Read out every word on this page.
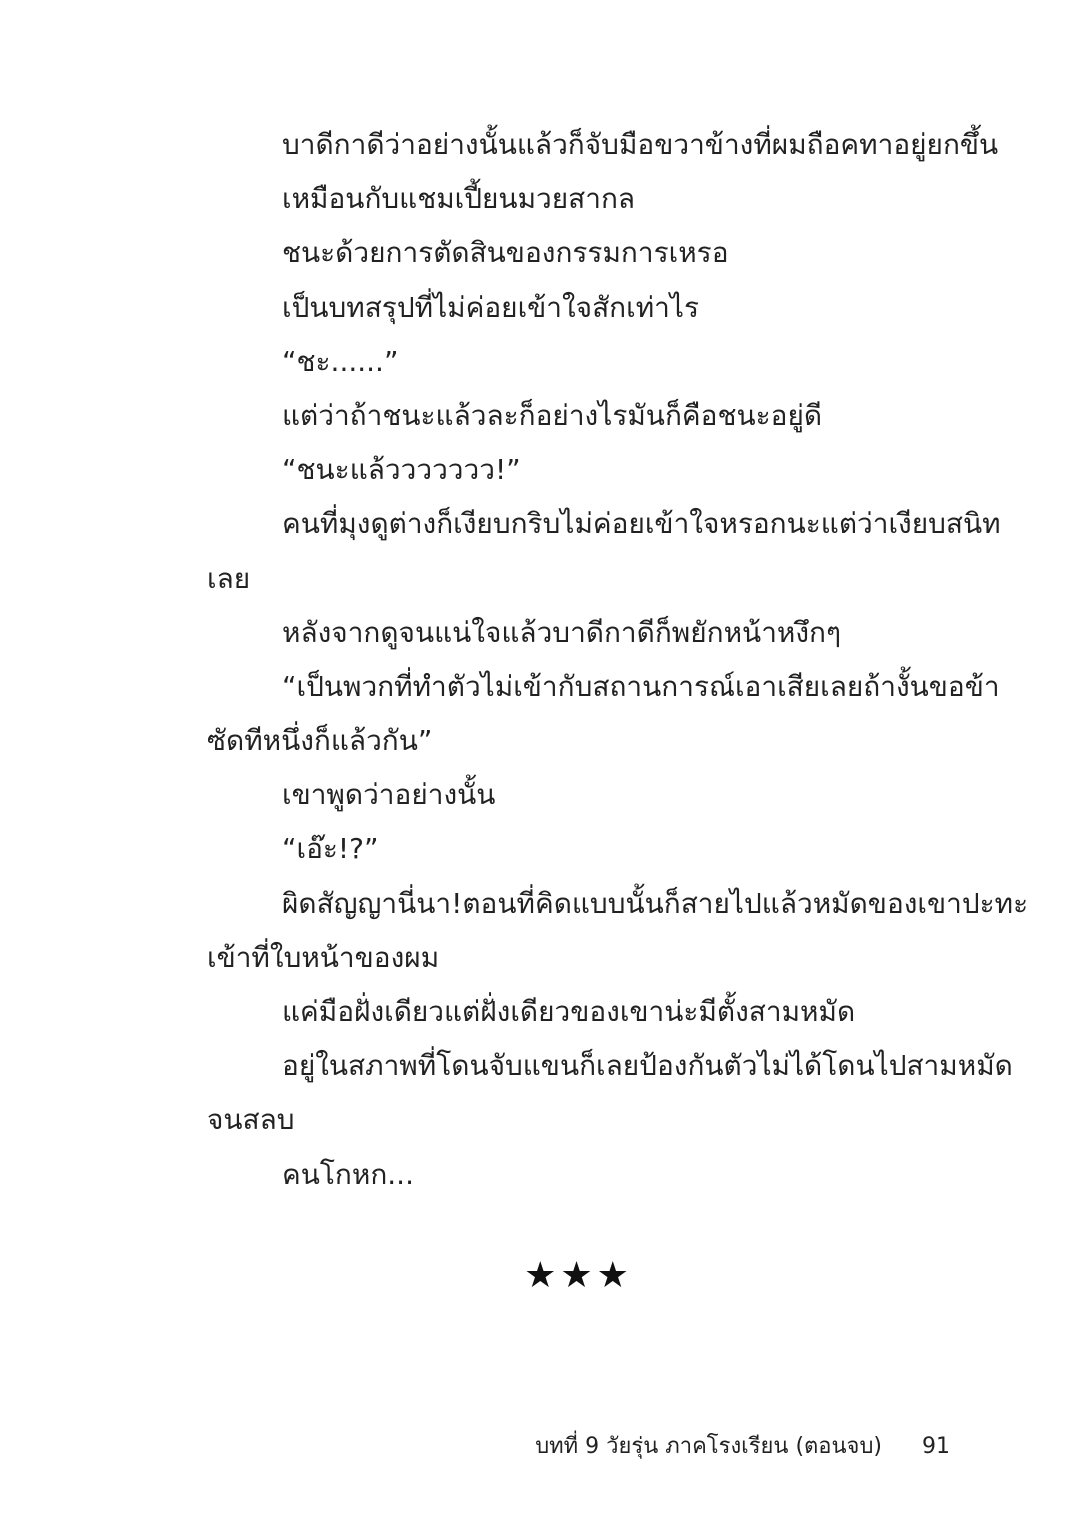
บาดีกาดีว่าอย่างนั้นแล้วก็จับมือขวาข้างที่ผมถือคทาอยู่ยกขึ้น
เหมือนกับแชมเปี้ยนมวยสากล
ชนะด้วยการตัดสินของกรรมการเหรอ
เป็นบทสรุปที่ไม่ค่อยเข้าใจสักเท่าไร
“ชะ......”
แต่ว่าถ้าชนะแล้วละก็อย่างไรมันก็คือชนะอยู่ดี
“ชนะแล้ววววววว!”
คนที่มุงดูต่างก็เงียบกริบ ไม่ค่อยเข้าใจหรอกนะแต่ว่าเงียบสนิท
เลย
หลังจากดูจนแน่ใจแล้วบาดีกาดีก็พยักหน้าหงึกๆ
“เป็นพวกที่ทำตัวไม่เข้ากับสถานการณ์เอาเสียเลย ถ้างั้นขอข้า
ซัดทีหนึ่งก็แล้วกัน”
เขาพูดว่าอย่างนั้น
“เอ๊ะ!?”
ผิดสัญญานี่นา! ตอนที่คิดแบบนั้นก็สายไปแล้ว หมัดของเขาปะทะ
เข้าที่ใบหน้าของผม
แค่มือฝั่งเดียวแต่ฝั่งเดียวของเขาน่ะมีตั้งสามหมัด
อยู่ในสภาพที่โดนจับแขนก็เลยป้องกันตัวไม่ได้ โดนไปสามหมัด
จนสลบ
คนโกหก...
★★★
บทที่ 9 วัยรุ่น ภาคโรงเรียน (ตอนจบ) 91
